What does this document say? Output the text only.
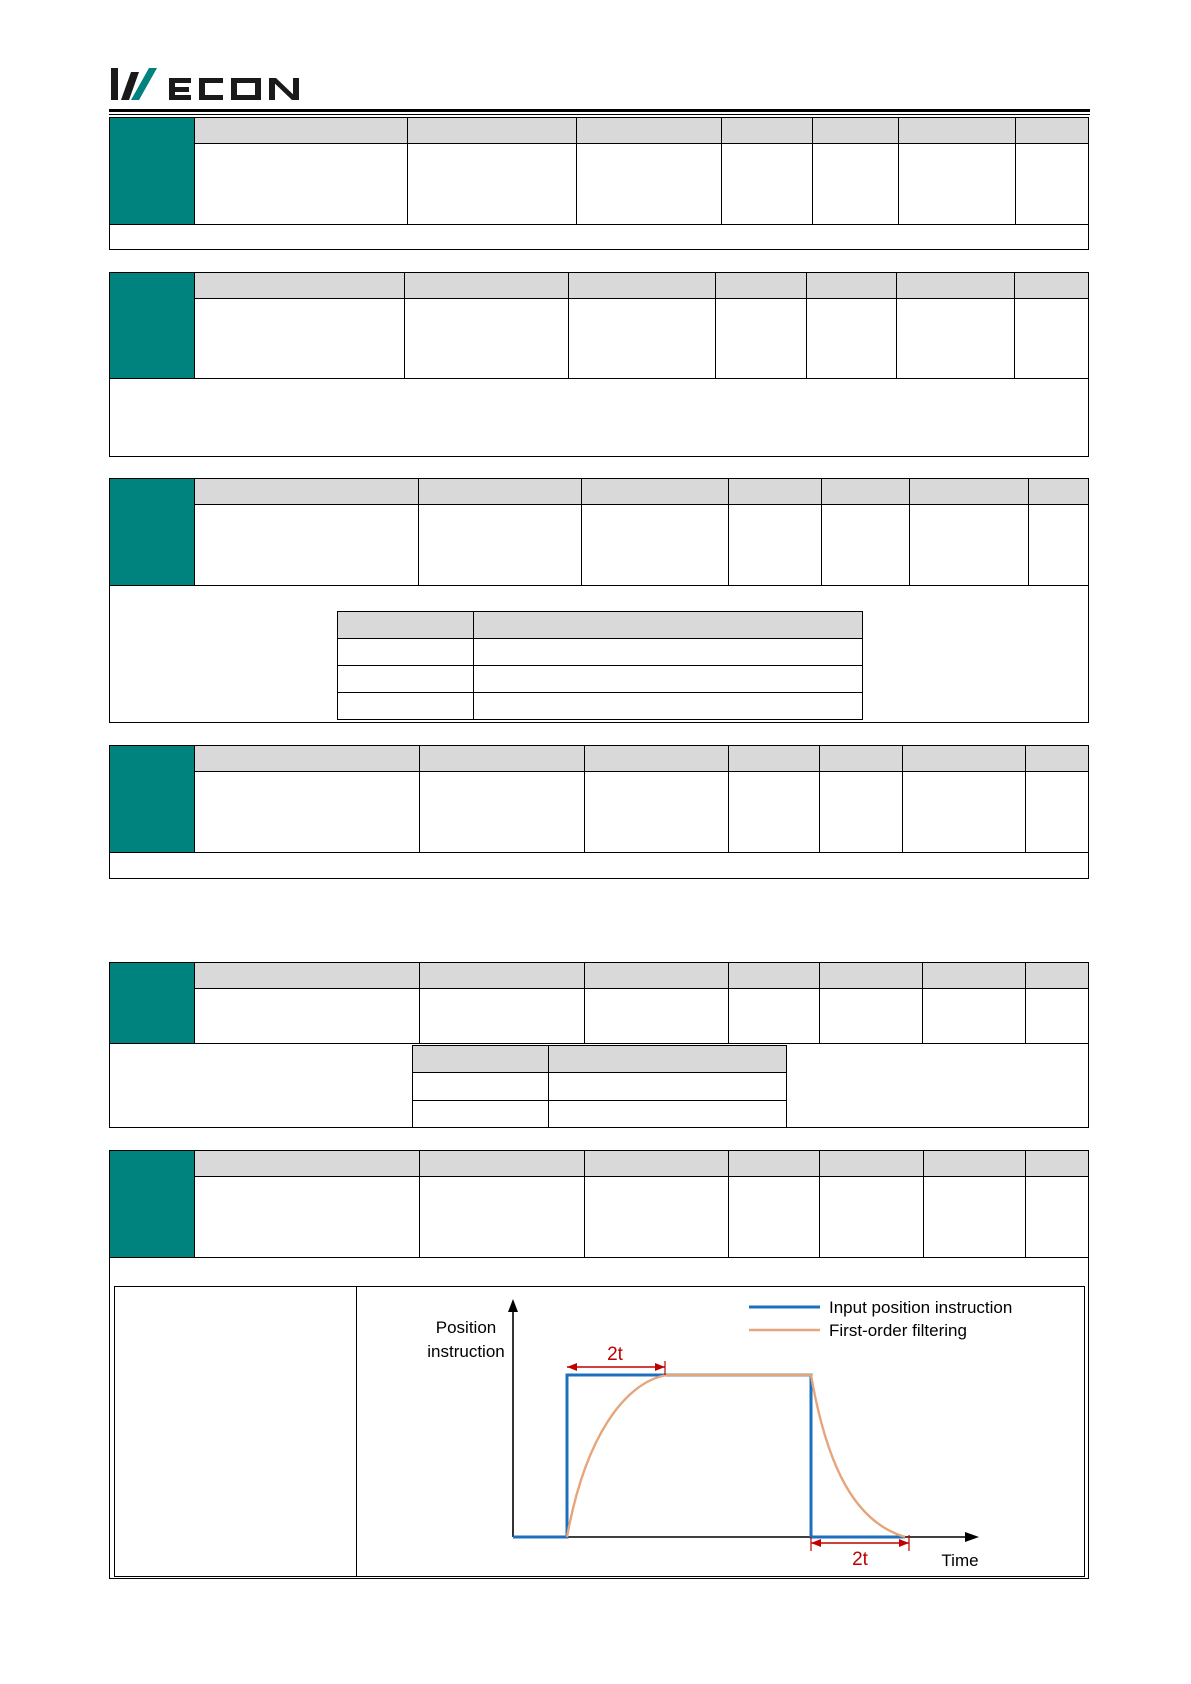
Input position instruction
First-order filtering
Position
instruction
Time
2t
2t
